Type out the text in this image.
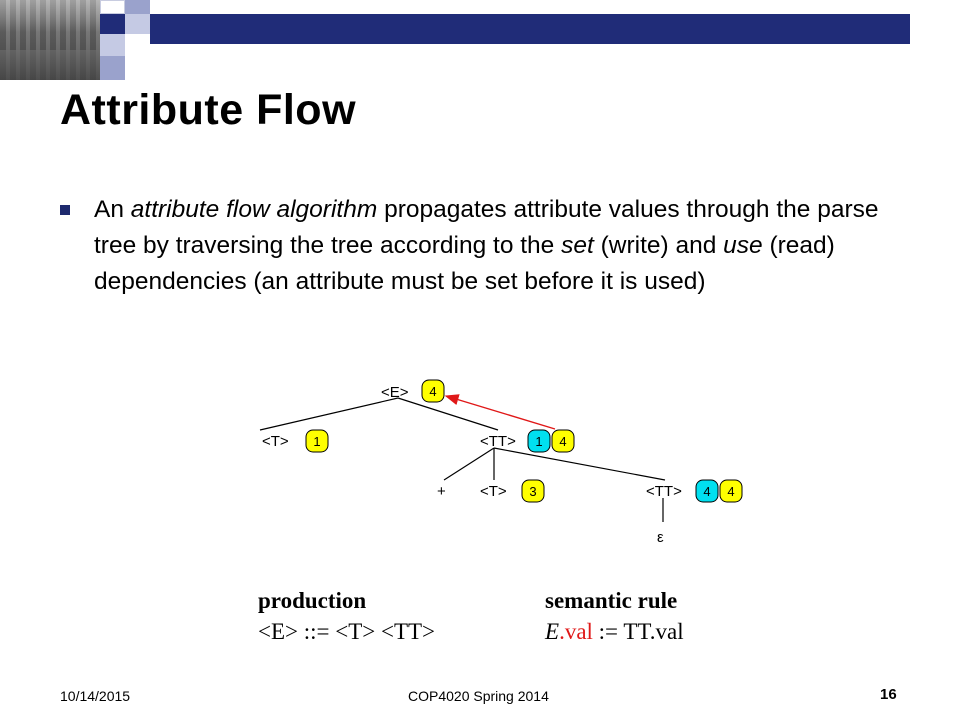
Attribute Flow
An attribute flow algorithm propagates attribute values through the parse tree by traversing the tree according to the set (write) and use (read) dependencies (an attribute must be set before it is used)
<E>
<T>	<TT>
+ <T>	<TT>
ε
4
1	1 4
3	4 4
production	semantic rule
<E> ::= <T> <TT>	E.val := TT.val
10/14/2015	COP4020 Spring 2014	16
